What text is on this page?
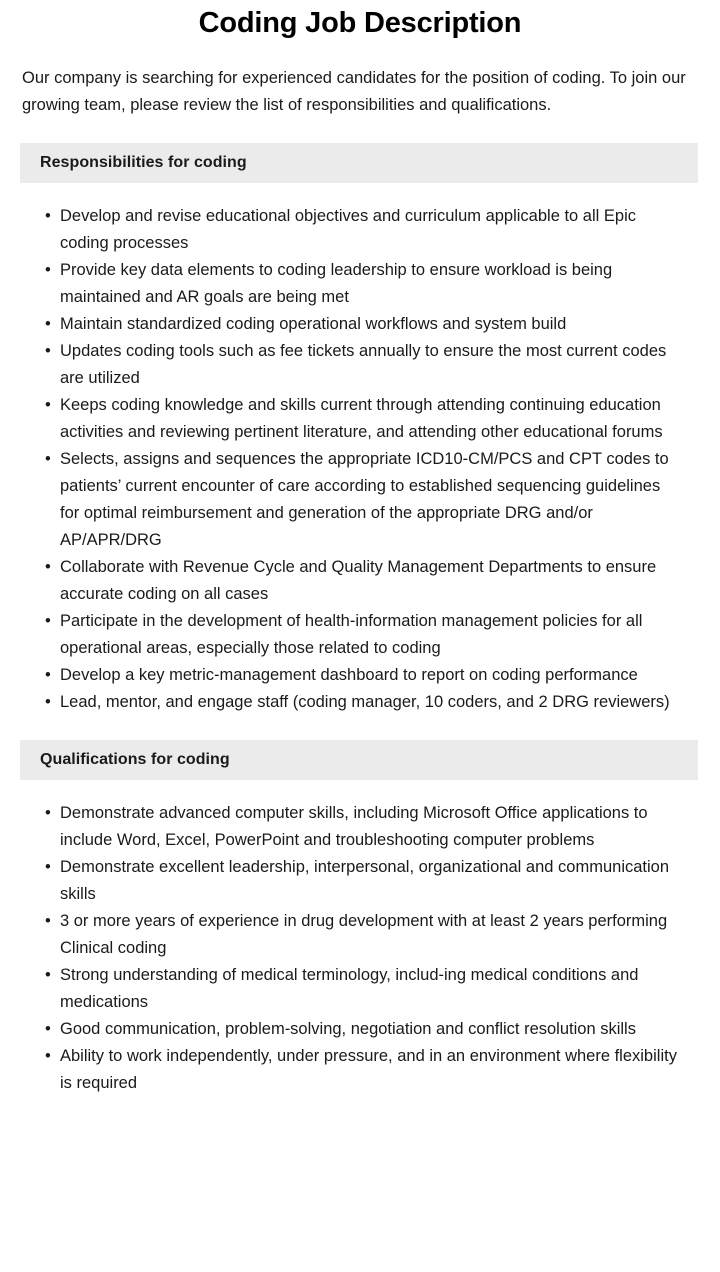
Coding Job Description

Our company is searching for experienced candidates for the position of coding. To join our growing team, please review the list of responsibilities and qualifications.

Responsibilities for coding
• Develop and revise educational objectives and curriculum applicable to all Epic coding processes
• Provide key data elements to coding leadership to ensure workload is being maintained and AR goals are being met
• Maintain standardized coding operational workflows and system build
• Updates coding tools such as fee tickets annually to ensure the most current codes are utilized
• Keeps coding knowledge and skills current through attending continuing education activities and reviewing pertinent literature, and attending other educational forums
• Selects, assigns and sequences the appropriate ICD10-CM/PCS and CPT codes to patients’ current encounter of care according to established sequencing guidelines for optimal reimbursement and generation of the appropriate DRG and/or AP/APR/DRG
• Collaborate with Revenue Cycle and Quality Management Departments to ensure accurate coding on all cases
• Participate in the development of health-information management policies for all operational areas, especially those related to coding
• Develop a key metric-management dashboard to report on coding performance
• Lead, mentor, and engage staff (coding manager, 10 coders, and 2 DRG reviewers)
Qualifications for coding
• Demonstrate advanced computer skills, including Microsoft Office applications to include Word, Excel, PowerPoint and troubleshooting computer problems
• Demonstrate excellent leadership, interpersonal, organizational and communication skills
• 3 or more years of experience in drug development with at least 2 years performing Clinical coding
• Strong understanding of medical terminology, includ-ing medical conditions and medications
• Good communication, problem-solving, negotiation and conflict resolution skills
• Ability to work independently, under pressure, and in an environment where flexibility is required
